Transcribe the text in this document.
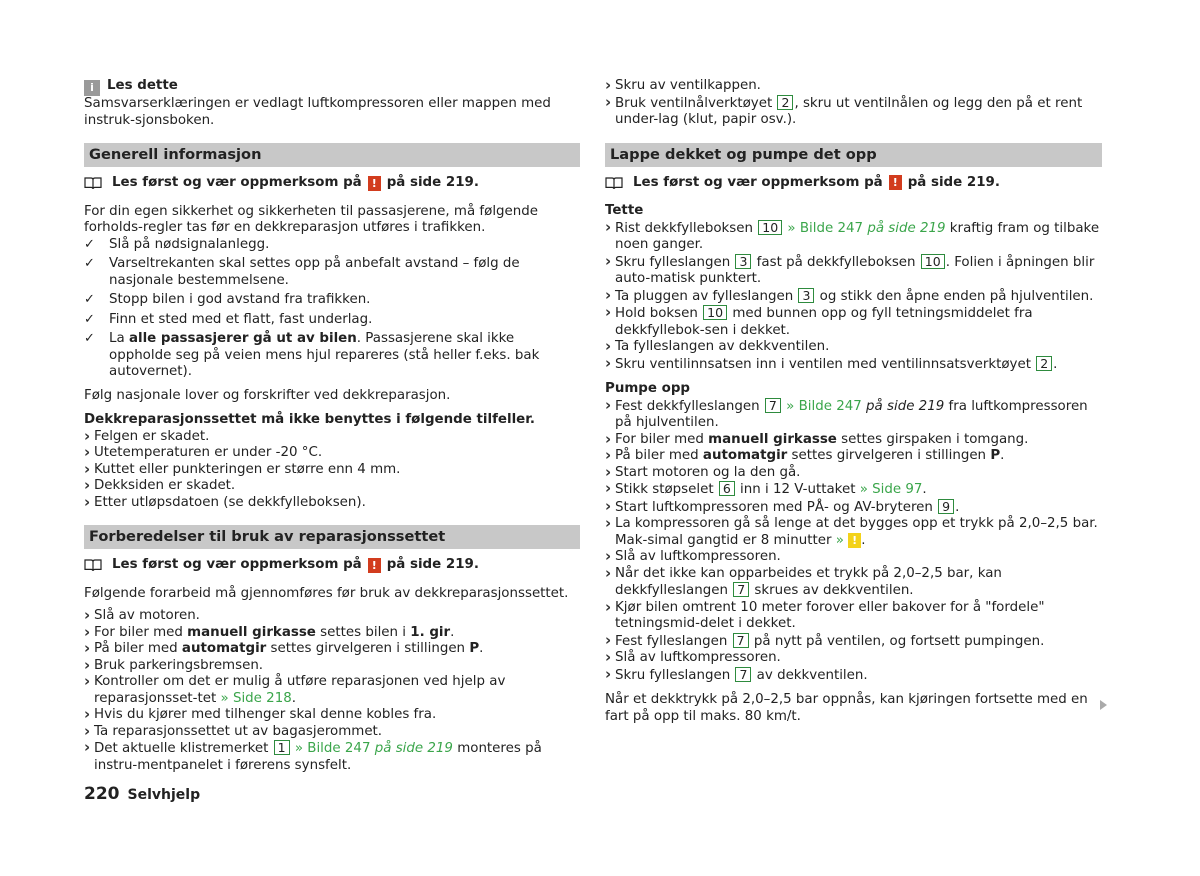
i Les dette

Samsvarserklæringen er vedlagt luftkompressoren eller mappen med instruk-sjonsboken.

Generell informasjon

Les først og vær oppmerksom på ! på side 219.

For din egen sikkerhet og sikkerheten til passasjerene, må følgende forholds-regler tas før en dekkreparasjon utføres i trafikken.

✓ Slå på nødsignalanlegg.
✓ Varseltrekanten skal settes opp på anbefalt avstand – følg de nasjonale bestemmelsene.
✓ Stopp bilen i god avstand fra trafikken.
✓ Finn et sted med et flatt, fast underlag.
✓ La alle passasjerer gå ut av bilen. Passasjerene skal ikke oppholde seg på veien mens hjul repareres (stå heller f.eks. bak autovernet).

Følg nasjonale lover og forskrifter ved dekkreparasjon.

Dekkreparasjonssettet må ikke benyttes i følgende tilfeller.

› Felgen er skadet.
› Utetemperaturen er under -20 °C.
› Kuttet eller punkteringen er større enn 4 mm.
› Dekksiden er skadet.
› Etter utløpsdatoen (se dekkfylleboksen).
Forberedelser til bruk av reparasjonssettet

Les først og vær oppmerksom på ! på side 219.

Følgende forarbeid må gjennomføres før bruk av dekkreparasjonssettet.

› Slå av motoren.
› For biler med manuell girkasse settes bilen i 1. gir.
› På biler med automatgir settes girvelgeren i stillingen P.
› Bruk parkeringsbremsen.
› Kontroller om det er mulig å utføre reparasjonen ved hjelp av reparasjonsset-tet » Side 218.
› Hvis du kjører med tilhenger skal denne kobles fra.
› Ta reparasjonssettet ut av bagasjerommet.
› Det aktuelle klistremerket 1 » Bilde 247 på side 219 monteres på instru-mentpanelet i førerens synsfelt.
› Skru av ventilkappen.
› Bruk ventilnålverktøyet 2 , skru ut ventilnålen og legg den på et rent under-lag (klut, papir osv.).
Lappe dekket og pumpe det opp

Les først og vær oppmerksom på ! på side 219.

Tette

› Rist dekkfylleboksen 10 » Bilde 247 på side 219 kraftig fram og tilbake noen ganger.
› Skru fylleslangen 3 fast på dekkfylleboksen 10 . Folien i åpningen blir auto-matisk punktert.
› Ta pluggen av fylleslangen 3 og stikk den åpne enden på hjulventilen.
› Hold boksen 10 med bunnen opp og fyll tetningsmiddelet fra dekkfyllebok-sen i dekket.
› Ta fylleslangen av dekkventilen.
› Skru ventilinnsatsen inn i ventilen med ventilinnsatsverktøyet 2 .

Pumpe opp

› Fest dekkfylleslangen 7 » Bilde 247 på side 219 fra luftkompressoren på hjulventilen.
› For biler med manuell girkasse settes girspaken i tomgang.
› På biler med automatgir settes girvelgeren i stillingen P.
› Start motoren og la den gå.
› Stikk støpselet 6 inn i 12 V-uttaket » Side 97.
› Start luftkompressoren med PÅ- og AV-bryteren 9 .
› La kompressoren gå så lenge at det bygges opp et trykk på 2,0–2,5 bar. Mak-simal gangtid er 8 minutter » ! .
› Slå av luftkompressoren.
› Når det ikke kan opparbeides et trykk på 2,0–2,5 bar, kan dekkfylleslangen 7 skrues av dekkventilen.
› Kjør bilen omtrent 10 meter forover eller bakover for å "fordele" tetningsmid-delet i dekket.
› Fest fylleslangen 7 på nytt på ventilen, og fortsett pumpingen.
› Slå av luftkompressoren.
› Skru fylleslangen 7 av dekkventilen.

Når et dekktrykk på 2,0–2,5 bar oppnås, kan kjøringen fortsette med en fart på opp til maks. 80 km/t.

220 Selvhjelp
